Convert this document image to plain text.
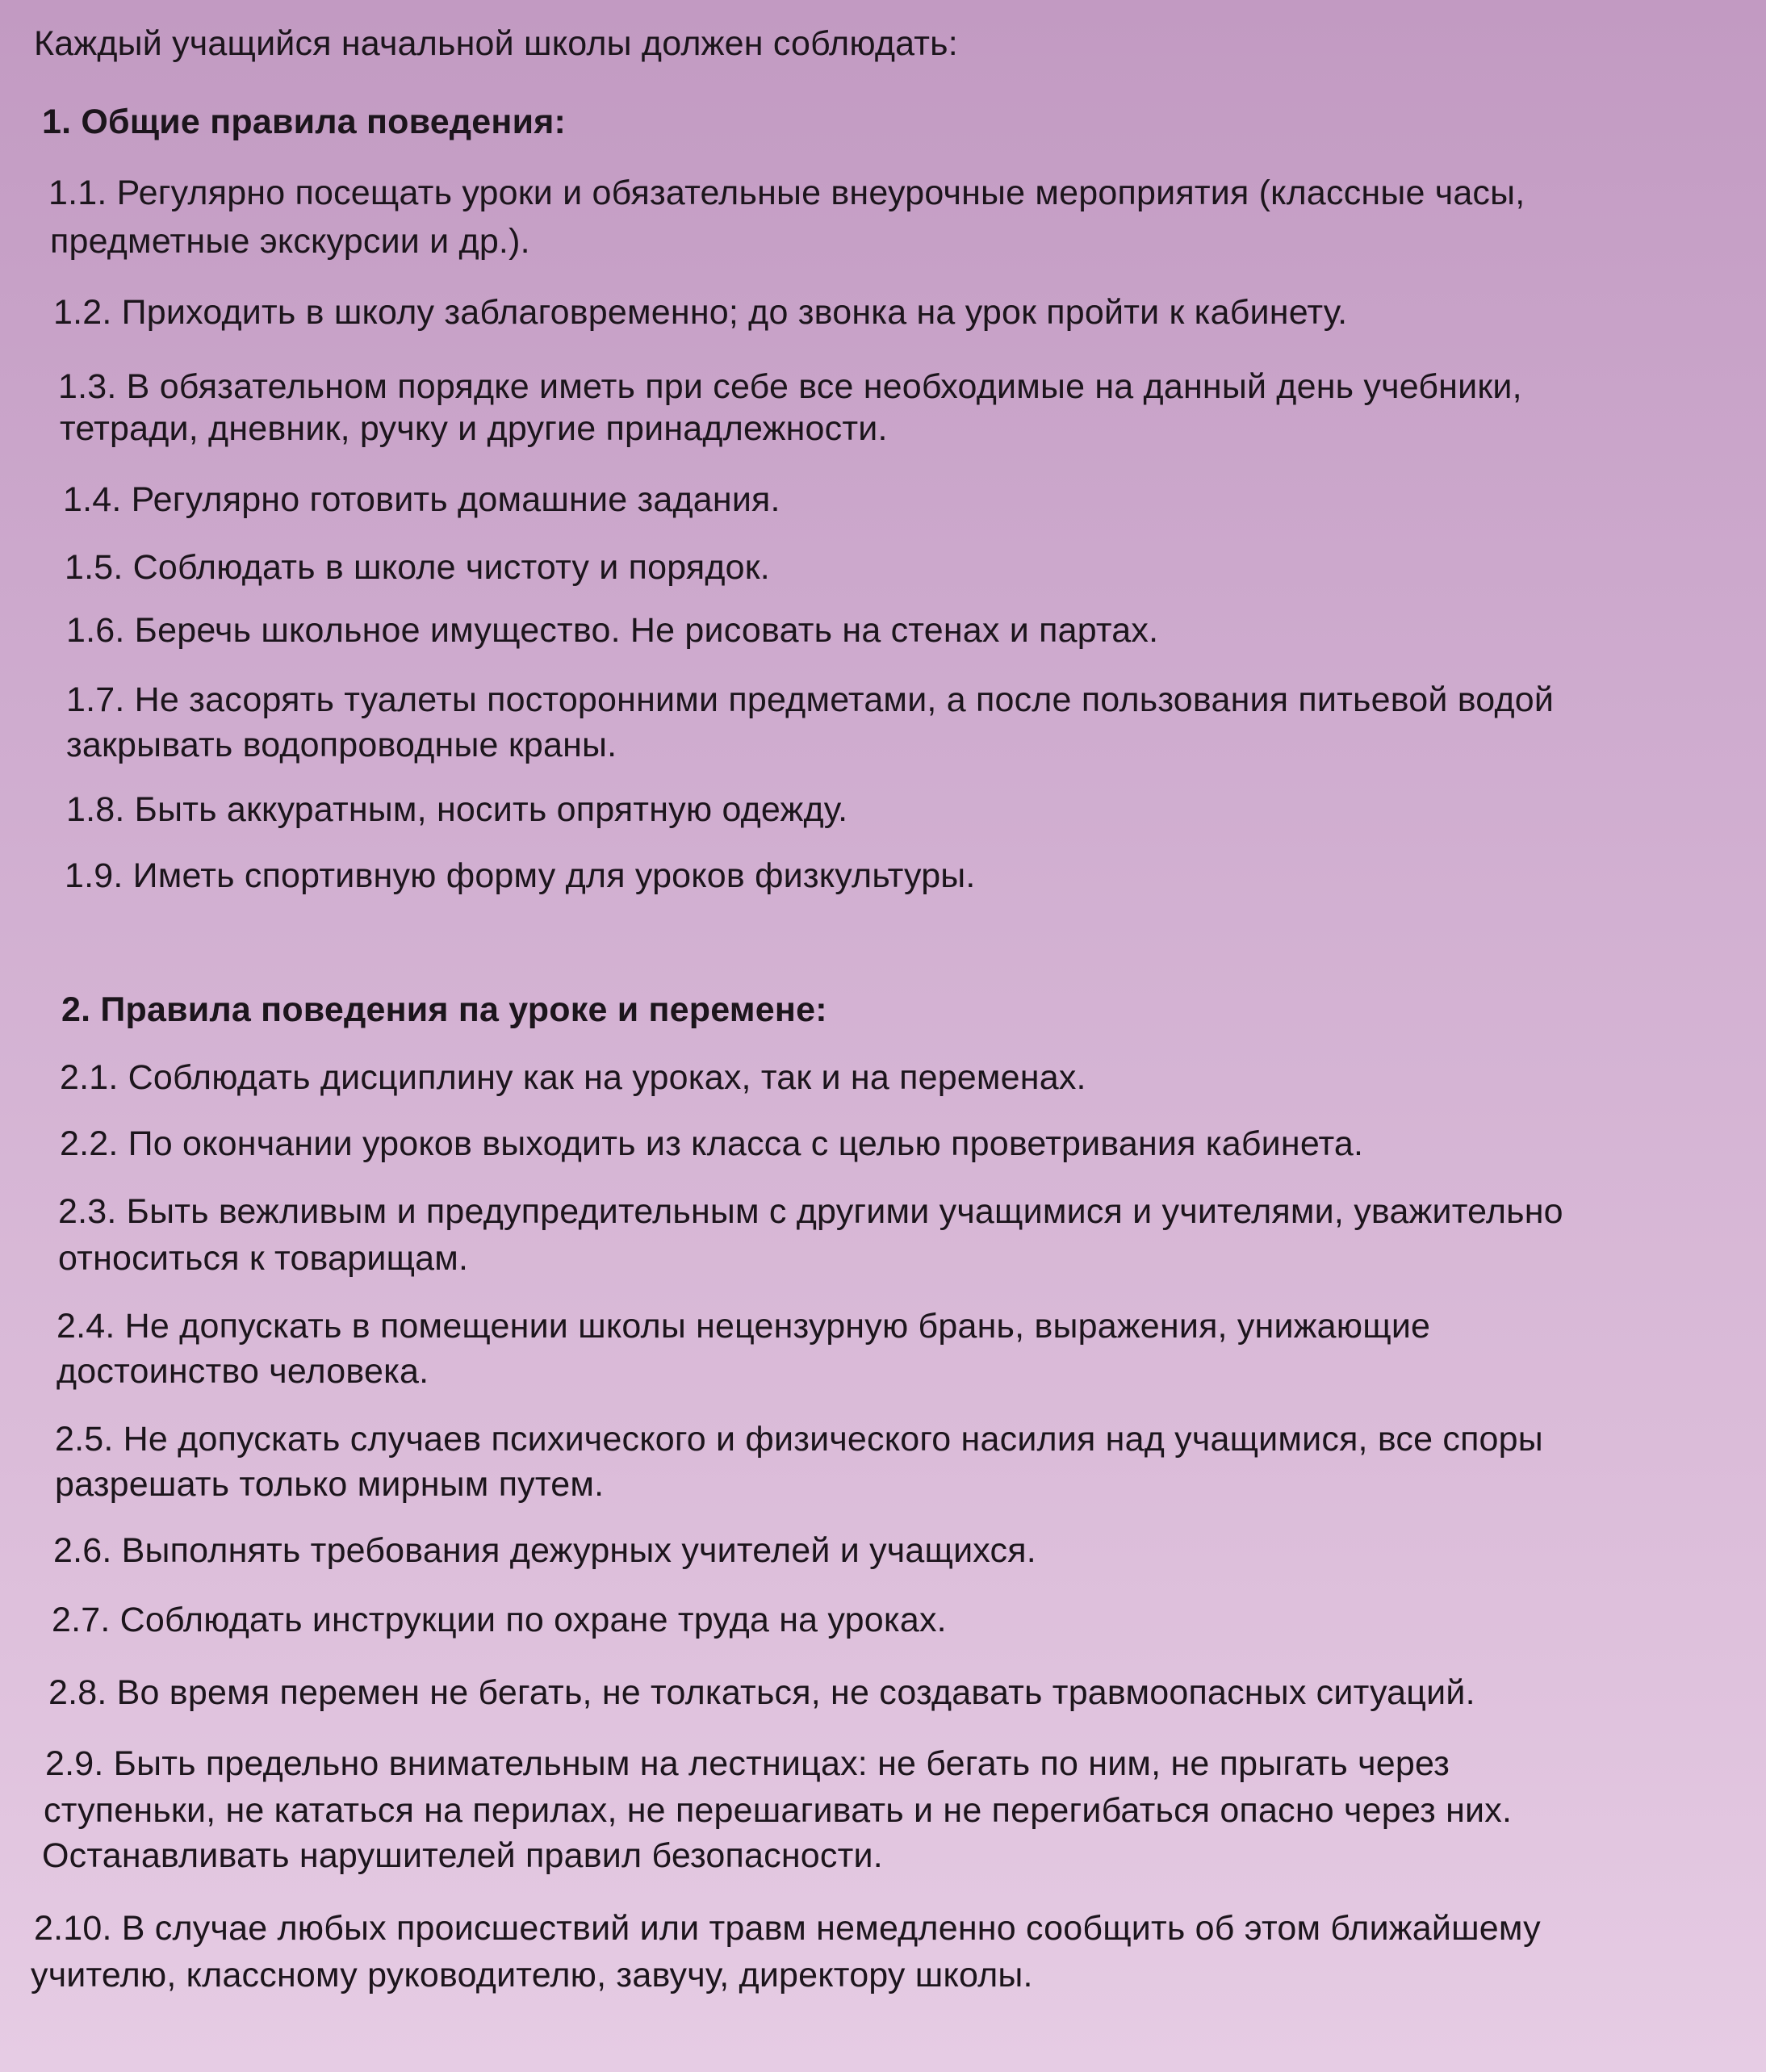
Каждый учащийся начальной школы должен соблюдать:

1. Общие правила поведения:

1.1. Регулярно посещать уроки и обязательные внеурочные мероприятия (классные часы,

предметные экскурсии и др.).

1.2. Приходить в школу заблаговременно; до звонка на урок пройти к кабинету.

1.3. В обязательном порядке иметь при себе все необходимые на данный день учебники,

тетради, дневник, ручку и другие принадлежности.

1.4. Регулярно готовить домашние задания.

1.5. Соблюдать в школе чистоту и порядок.

1.6. Беречь школьное имущество. Не рисовать на стенах и партах.

1.7. Не засорять туалеты посторонними предметами, а после пользования питьевой водой

закрывать водопроводные краны.

1.8. Быть аккуратным, носить опрятную одежду.

1.9. Иметь спортивную форму для уроков физкультуры.

2. Правила поведения па уроке и перемене:

2.1. Соблюдать дисциплину как на уроках, так и на переменах.

2.2. По окончании уроков выходить из класса с целью проветривания кабинета.

2.3. Быть вежливым и предупредительным с другими учащимися и учителями, уважительно

относиться к товарищам.

2.4. Не допускать в помещении школы нецензурную брань, выражения, унижающие

достоинство человека.

2.5. Не допускать случаев психического и физического насилия над учащимися, все споры

разрешать только мирным путем.

2.6. Выполнять требования дежурных учителей и учащихся.

2.7. Соблюдать инструкции по охране труда на уроках.

2.8. Во время перемен не бегать, не толкаться, не создавать травмоопасных ситуаций.

2.9. Быть предельно внимательным на лестницах: не бегать по ним, не прыгать через

ступеньки, не кататься на перилах, не перешагивать и не перегибаться опасно через них.

Останавливать нарушителей правил безопасности.

2.10. В случае любых происшествий или травм немедленно сообщить об этом ближайшему

учителю, классному руководителю, завучу, директору школы.
